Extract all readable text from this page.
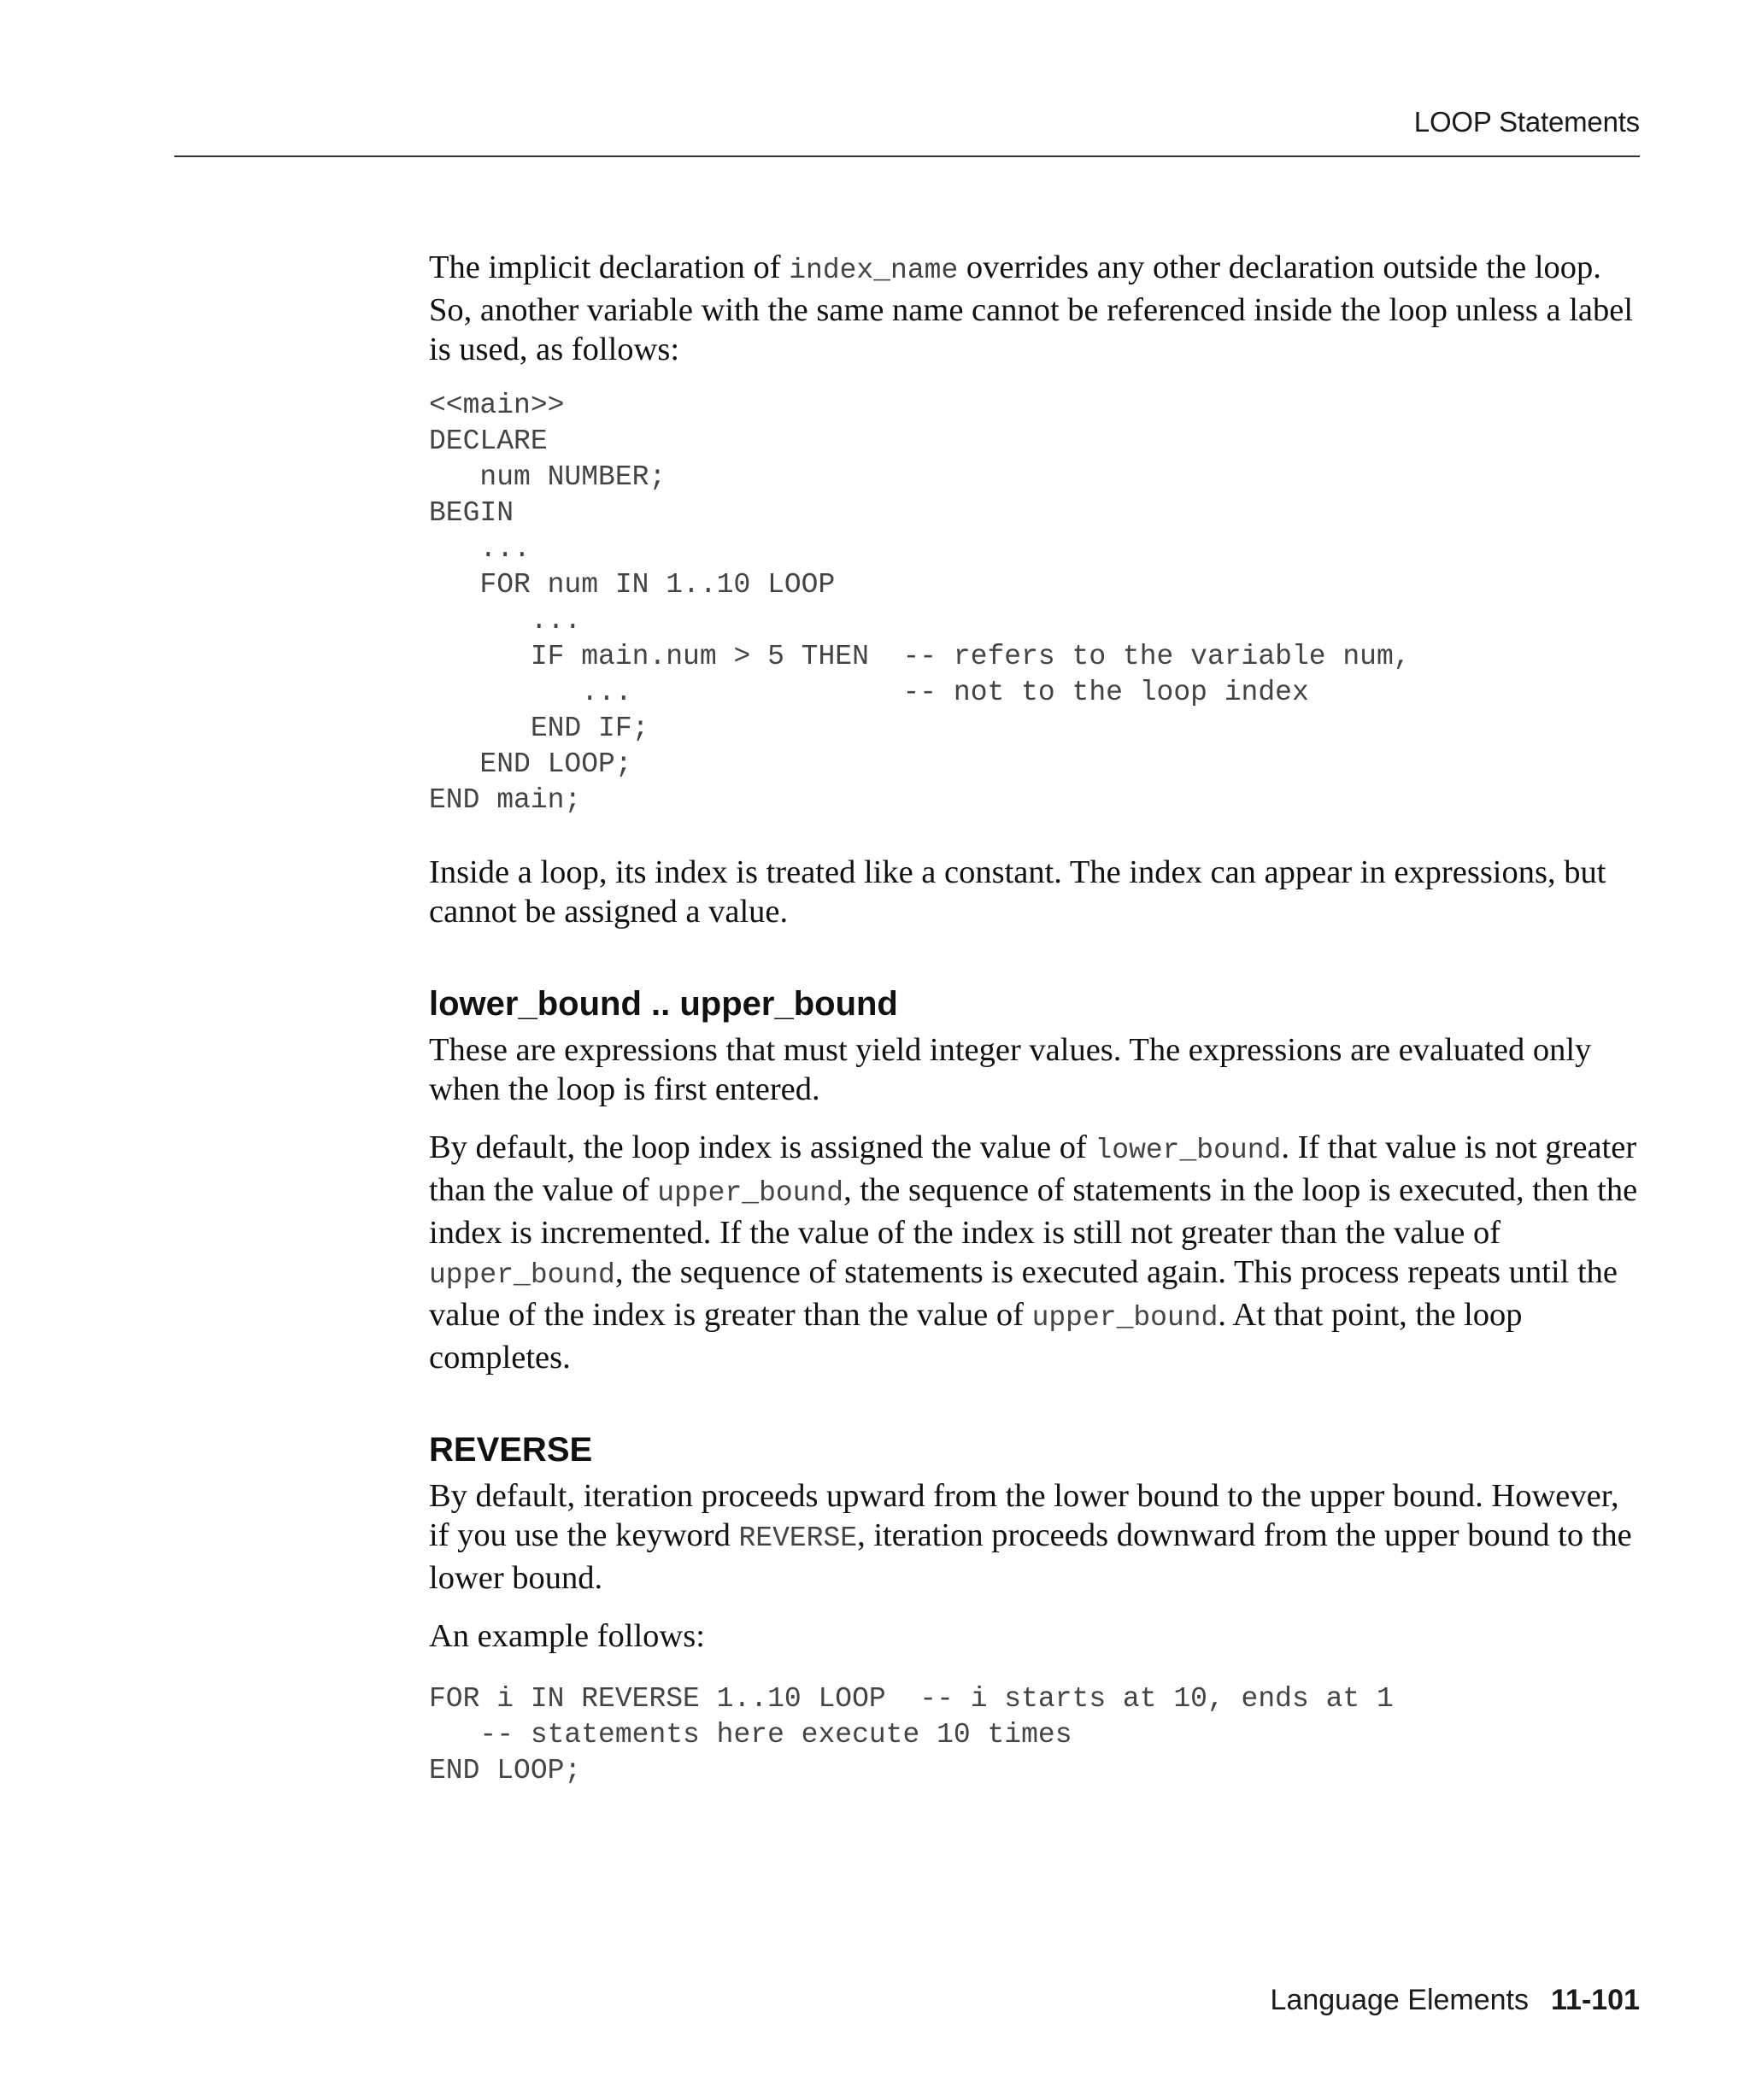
LOOP Statements

The implicit declaration of index_name overrides any other declaration outside the loop. So, another variable with the same name cannot be referenced inside the loop unless a label is used, as follows:

<<main>>
DECLARE
num NUMBER;
BEGIN
...
FOR num IN 1..10 LOOP
...
IF main.num > 5 THEN  -- refers to the variable num,
...                -- not to the loop index
END IF;
END LOOP;
END main;

Inside a loop, its index is treated like a constant. The index can appear in expressions, but cannot be assigned a value.

lower_bound .. upper_bound

These are expressions that must yield integer values. The expressions are evaluated only when the loop is first entered.

By default, the loop index is assigned the value of lower_bound. If that value is not greater than the value of upper_bound, the sequence of statements in the loop is executed, then the index is incremented. If the value of the index is still not greater than the value of upper_bound, the sequence of statements is executed again. This process repeats until the value of the index is greater than the value of upper_bound. At that point, the loop completes.

REVERSE

By default, iteration proceeds upward from the lower bound to the upper bound. However, if you use the keyword REVERSE, iteration proceeds downward from the upper bound to the lower bound.

An example follows:

FOR i IN REVERSE 1..10 LOOP  -- i starts at 10, ends at 1
-- statements here execute 10 times
END LOOP;
Language Elements 11-101
